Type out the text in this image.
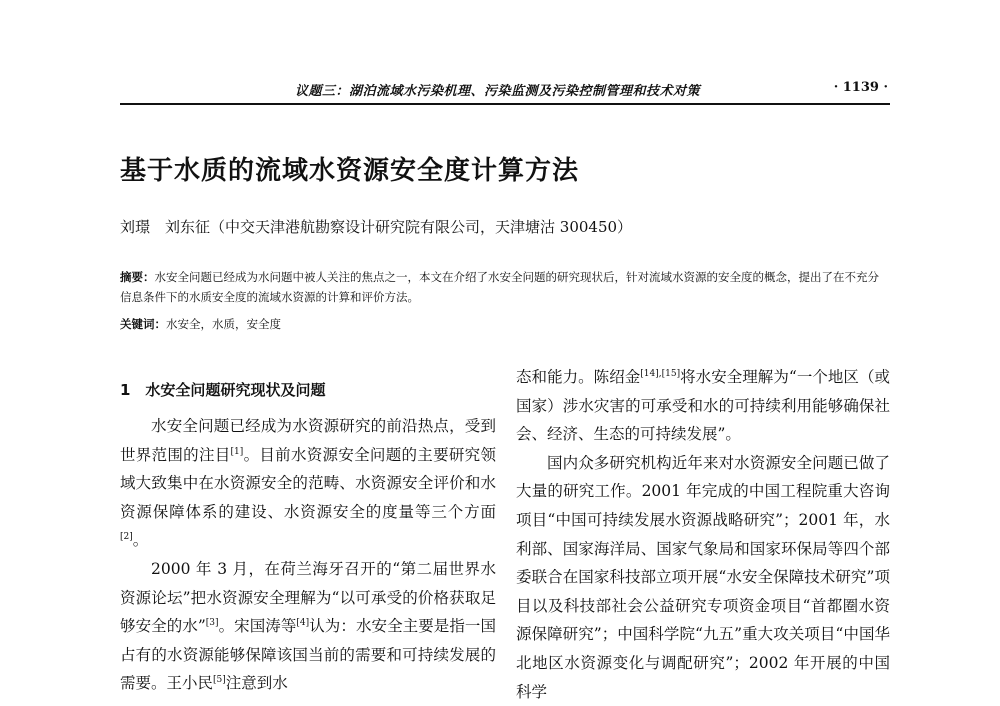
议题三：湖泊流域水污染机理、污染监测及污染控制管理和技术对策	· 1139 ·
基于水质的流域水资源安全度计算方法
刘璟　刘东征（中交天津港航勘察设计研究院有限公司，天津塘沽 300450）
摘要：水安全问题已经成为水问题中被人关注的焦点之一，本文在介绍了水安全问题的研究现状后，针对流域水资源的安全度的概念，提出了在不充分信息条件下的水质安全度的流域水资源的计算和评价方法。
关键词：水安全，水质，安全度
1　水安全问题研究现状及问题

水安全问题已经成为水资源研究的前沿热点，受到世界范围的注目[1]。目前水资源安全问题的主要研究领域大致集中在水资源安全的范畴、水资源安全评价和水资源保障体系的建设、水资源安全的度量等三个方面[2]。

2000 年 3 月，在荷兰海牙召开的“第二届世界水资源论坛”把水资源安全理解为“以可承受的价格获取足够安全的水”[3]。宋国涛等[4]认为：水安全主要是指一国占有的水资源能够保障该国当前的需要和可持续发展的需要。王小民[5]注意到水

态和能力。陈绍金[14],[15]将水安全理解为“一个地区（或国家）涉水灾害的可承受和水的可持续利用能够确保社会、经济、生态的可持续发展”。

国内众多研究机构近年来对水资源安全问题已做了大量的研究工作。2001 年完成的中国工程院重大咨询项目“中国可持续发展水资源战略研究”；2001 年，水利部、国家海洋局、国家气象局和国家环保局等四个部委联合在国家科技部立项开展“水安全保障技术研究”项目以及科技部社会公益研究专项资金项目“首都圈水资源保障研究”；中国科学院“九五”重大攻关项目“中国华北地区水资源变化与调配研究”；2002 年开展的中国科学
